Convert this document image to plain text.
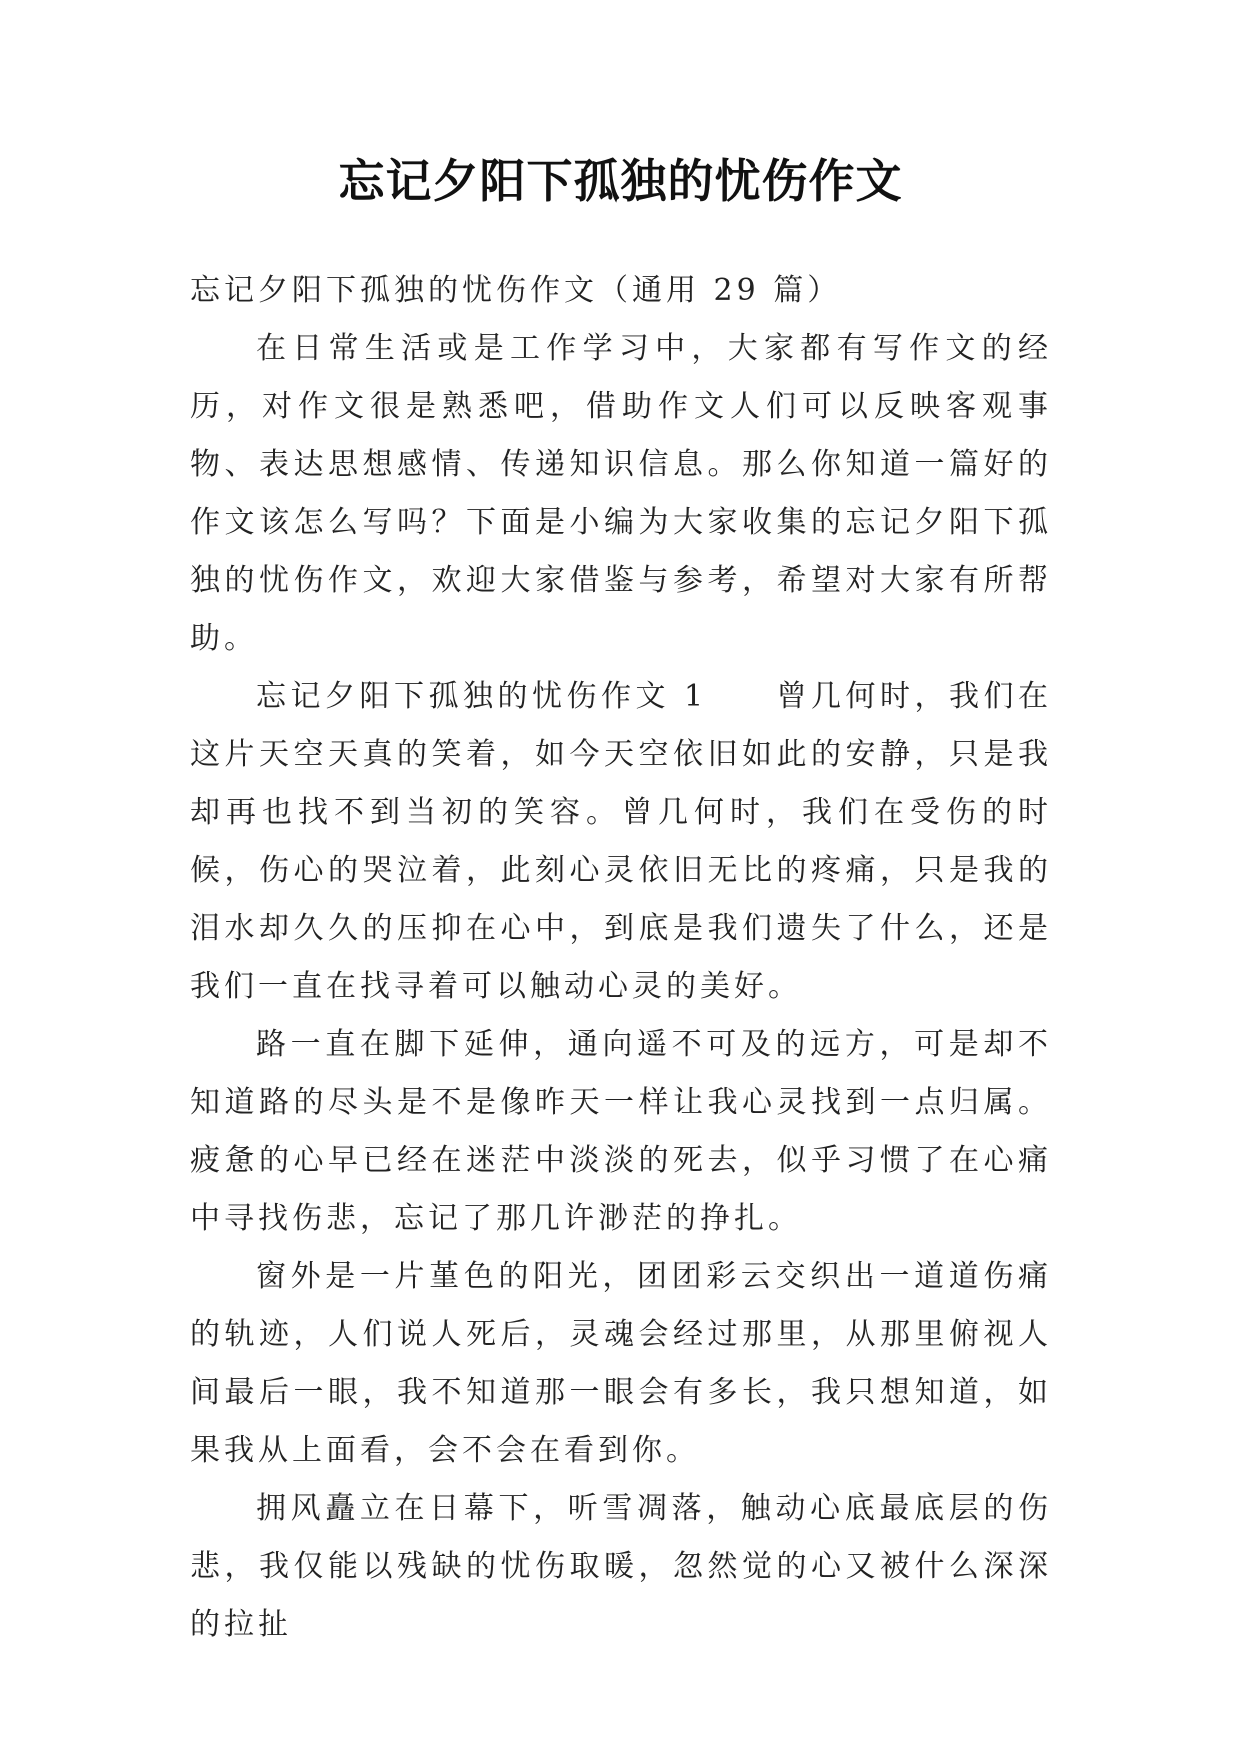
忘记夕阳下孤独的忧伤作文

忘记夕阳下孤独的忧伤作文（通用 29 篇）

在日常生活或是工作学习中，大家都有写作文的经历，对作文很是熟悉吧，借助作文人们可以反映客观事物、表达思想感情、传递知识信息。那么你知道一篇好的作文该怎么写吗？下面是小编为大家收集的忘记夕阳下孤独的忧伤作文，欢迎大家借鉴与参考，希望对大家有所帮助。

忘记夕阳下孤独的忧伤作文 1　　曾几何时，我们在这片天空天真的笑着，如今天空依旧如此的安静，只是我却再也找不到当初的笑容。曾几何时，我们在受伤的时候，伤心的哭泣着，此刻心灵依旧无比的疼痛，只是我的泪水却久久的压抑在心中，到底是我们遗失了什么，还是我们一直在找寻着可以触动心灵的美好。

路一直在脚下延伸，通向遥不可及的远方，可是却不知道路的尽头是不是像昨天一样让我心灵找到一点归属。疲惫的心早已经在迷茫中淡淡的死去，似乎习惯了在心痛中寻找伤悲，忘记了那几许渺茫的挣扎。

窗外是一片堇色的阳光，团团彩云交织出一道道伤痛的轨迹，人们说人死后，灵魂会经过那里，从那里俯视人间最后一眼，我不知道那一眼会有多长，我只想知道，如果我从上面看，会不会在看到你。

拥风矗立在日幕下，听雪凋落，触动心底最底层的伤悲，我仅能以残缺的忧伤取暖，忽然觉的心又被什么深深的拉扯
